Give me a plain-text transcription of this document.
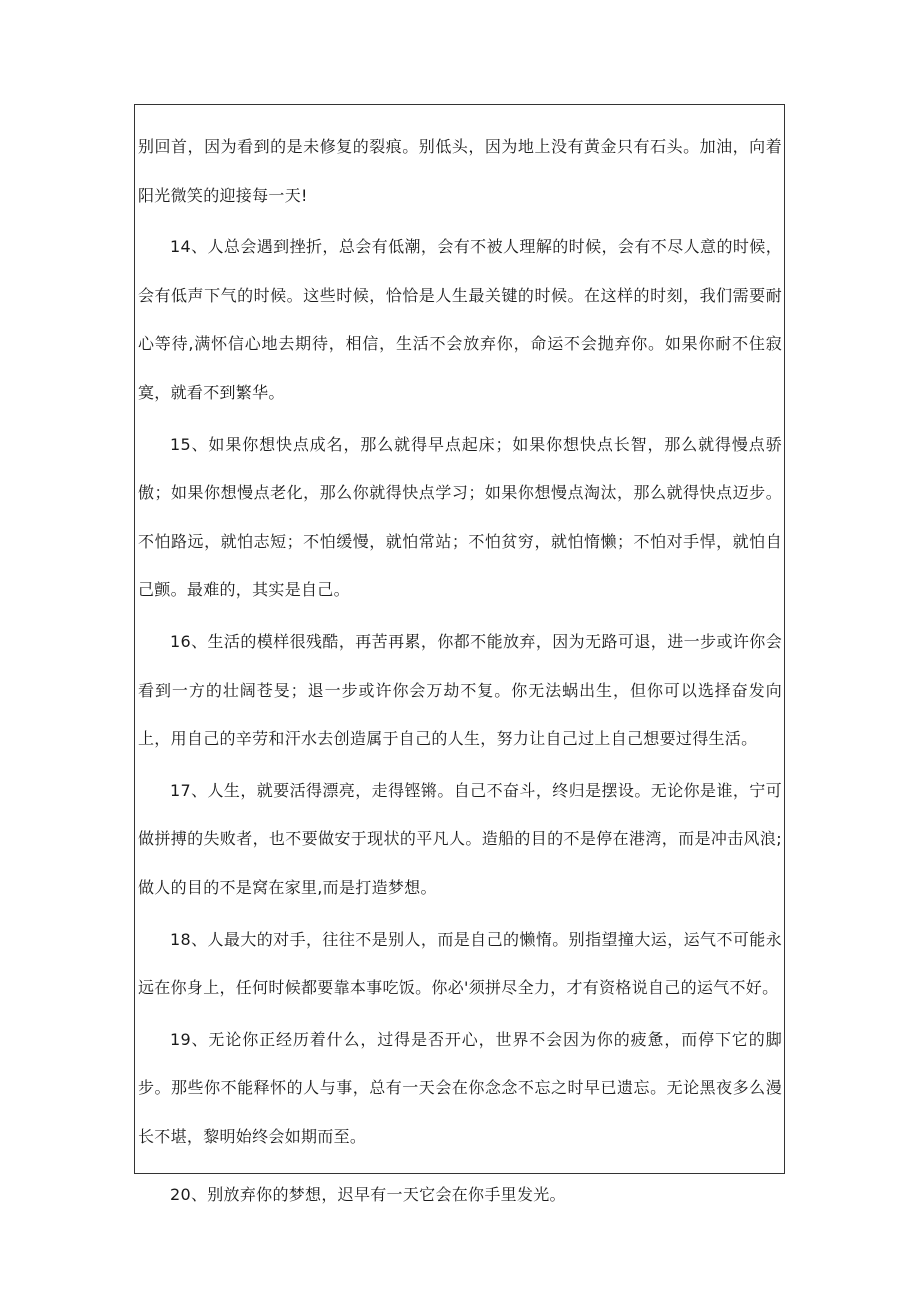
别回首，因为看到的是未修复的裂痕。别低头，因为地上没有黄金只有石头。加油，向着阳光微笑的迎接每一天!

14、人总会遇到挫折，总会有低潮，会有不被人理解的时候，会有不尽人意的时候，会有低声下气的时候。这些时候，恰恰是人生最关键的时候。在这样的时刻，我们需要耐心等待,满怀信心地去期待，相信，生活不会放弃你，命运不会抛弃你。如果你耐不住寂寞，就看不到繁华。

15、如果你想快点成名，那么就得早点起床；如果你想快点长智，那么就得慢点骄傲；如果你想慢点老化，那么你就得快点学习；如果你想慢点淘汰，那么就得快点迈步。不怕路远，就怕志短；不怕缓慢，就怕常站；不怕贫穷，就怕惰懒；不怕对手悍，就怕自己颤。最难的，其实是自己。

16、生活的模样很残酷，再苦再累，你都不能放弃，因为无路可退，进一步或许你会看到一方的壮阔苍旻；退一步或许你会万劫不复。你无法蜗出生，但你可以选择奋发向上，用自己的辛劳和汗水去创造属于自己的人生，努力让自己过上自己想要过得生活。

17、人生，就要活得漂亮，走得铿锵。自己不奋斗，终归是摆设。无论你是谁，宁可做拼搏的失败者，也不要做安于现状的平凡人。造船的目的不是停在港湾，而是冲击风浪;做人的目的不是窝在家里,而是打造梦想。

18、人最大的对手，往往不是别人，而是自己的懒惰。别指望撞大运，运气不可能永远在你身上，任何时候都要靠本事吃饭。你必'须拼尽全力，才有资格说自己的运气不好。

19、无论你正经历着什么，过得是否开心，世界不会因为你的疲惫，而停下它的脚步。那些你不能释怀的人与事，总有一天会在你念念不忘之时早已遗忘。无论黑夜多么漫长不堪，黎明始终会如期而至。

20、别放弃你的梦想，迟早有一天它会在你手里发光。
